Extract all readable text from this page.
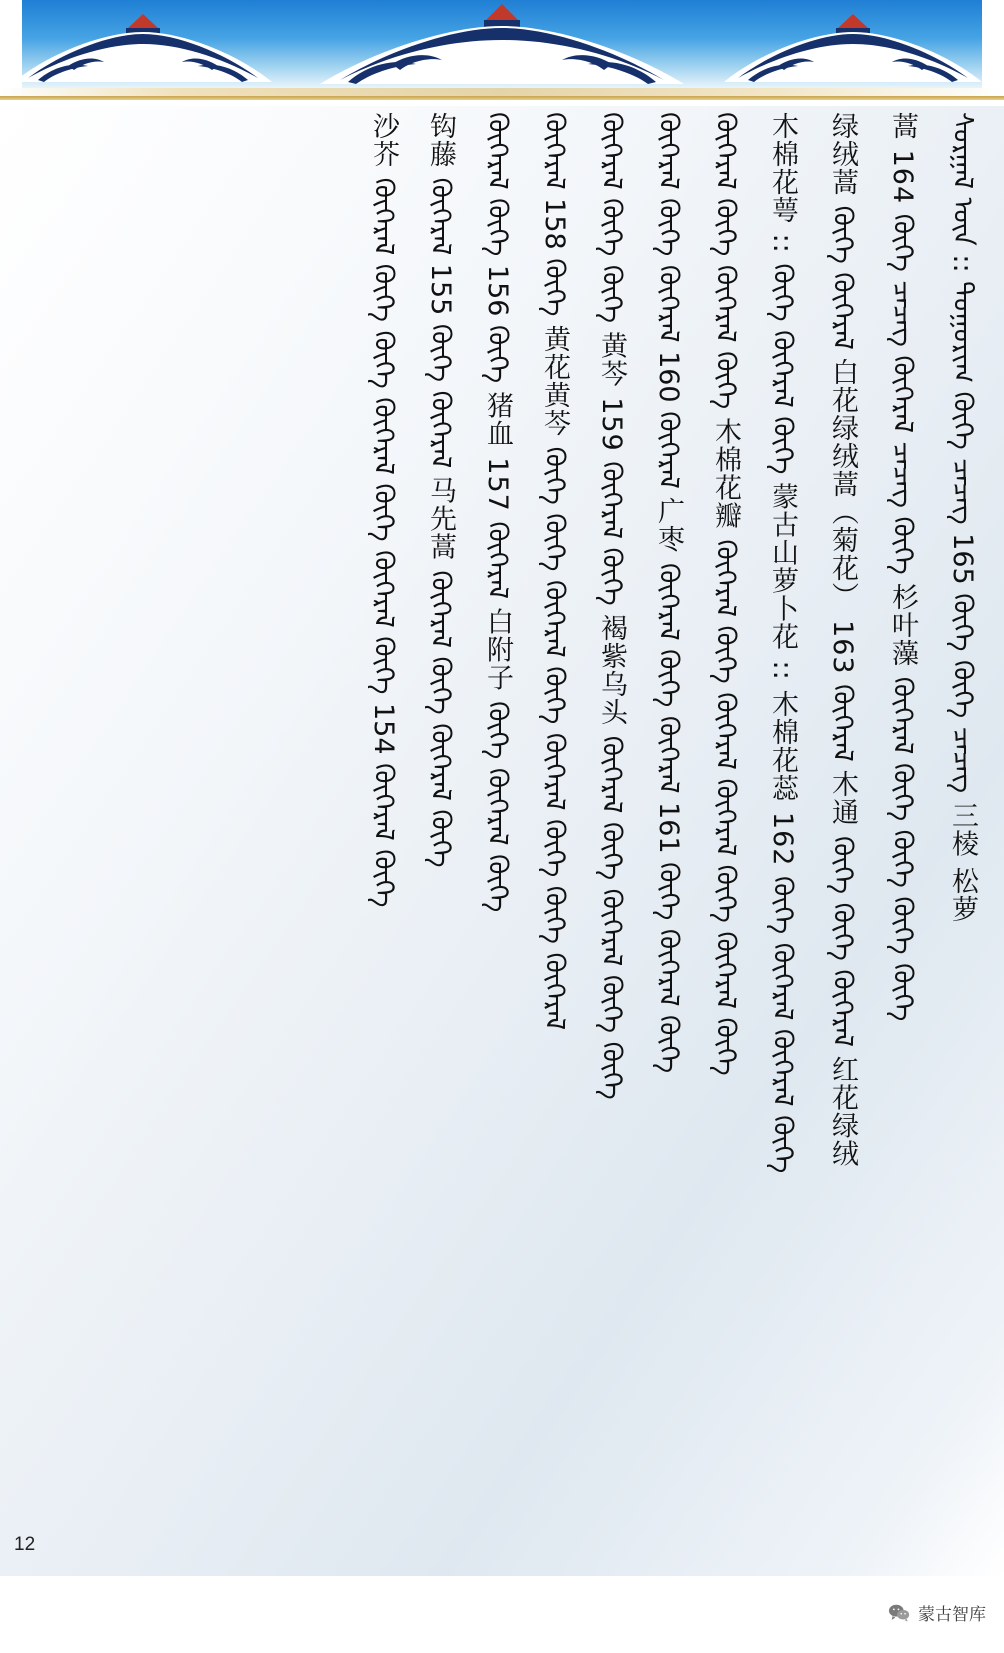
ᠰᠣᠷᠭᠠᠯ ᠦᠨ :: ᠲᠣᠭᠣᠷᠢᠭ ᠬᠥᠬᠡ ᠴᠡᠴᠡᠭ 165 ᠬᠥᠬᠡ ᠬᠥᠬᠡ ᠴᠡᠴᠡᠭ 三棱 松萝
蒿 164 ᠬᠥᠬᠡ ᠴᠡᠴᠡᠭ ᠬᠥᠬᠡᠷᠡᠯ ᠴᠡᠴᠡᠭ ᠬᠥᠬᠡ 杉叶藻 ᠬᠥᠬᠡᠷᠡᠯ ᠬᠥᠬᠡ ᠬᠥᠬᠡ ᠬᠥᠬᠡ ᠬᠥᠬᠡ
绿绒蒿 ᠬᠥᠬᠡ ᠬᠥᠬᠡᠷᠡᠯ 白花绿绒蒿（菊花） 163 ᠬᠥᠬᠡᠷᠡᠯ 木通 ᠬᠥᠬᠡ ᠬᠥᠬᠡ ᠬᠥᠬᠡᠷᠡᠯ 红花绿绒
木棉花萼 :: ᠬᠥᠬᠡ ᠬᠥᠬᠡᠷᠡᠯ ᠬᠥᠬᠡ 蒙古山萝卜花 :: 木棉花蕊 162 ᠬᠥᠬᠡ ᠬᠥᠬᠡᠷᠡᠯ ᠬᠥᠬᠡᠷᠡᠯ ᠬᠥᠬᠡ
ᠬᠥᠬᠡᠷᠡᠯ ᠬᠥᠬᠡ ᠬᠥᠬᠡᠷᠡᠯ ᠬᠥᠬᠡ 木棉花瓣 ᠬᠥᠬᠡᠷᠡᠯ ᠬᠥᠬᠡ ᠬᠥᠬᠡᠷᠡᠯ ᠬᠥᠬᠡᠷᠡᠯ ᠬᠥᠬᠡ ᠬᠥᠬᠡᠷᠡᠯ ᠬᠥᠬᠡ
ᠬᠥᠬᠡᠷᠡᠯ ᠬᠥᠬᠡ ᠬᠥᠬᠡᠷᠡᠯ 160 ᠬᠥᠬᠡᠷᠡᠯ 广枣 ᠬᠥᠬᠡᠷᠡᠯ ᠬᠥᠬᠡ ᠬᠥᠬᠡᠷᠡᠯ 161 ᠬᠥᠬᠡ ᠬᠥᠬᠡᠷᠡᠯ ᠬᠥᠬᠡ
ᠬᠥᠬᠡᠷᠡᠯ ᠬᠥᠬᠡ ᠬᠥᠬᠡ 黄芩 159 ᠬᠥᠬᠡᠷᠡᠯ ᠬᠥᠬᠡ 褐紫乌头 ᠬᠥᠬᠡᠷᠡᠯ ᠬᠥᠬᠡ ᠬᠥᠬᠡᠷᠡᠯ ᠬᠥᠬᠡ ᠬᠥᠬᠡ
ᠬᠥᠬᠡᠷᠡᠯ 158 ᠬᠥᠬᠡ 黄花黄芩 ᠬᠥᠬᠡ ᠬᠥᠬᠡ ᠬᠥᠬᠡᠷᠡᠯ ᠬᠥᠬᠡ ᠬᠥᠬᠡᠷᠡᠯ ᠬᠥᠬᠡ ᠬᠥᠬᠡ ᠬᠥᠬᠡᠷᠡᠯ
ᠬᠥᠬᠡᠷᠡᠯ ᠬᠥᠬᠡ 156 ᠬᠥᠬᠡ 猪血 157 ᠬᠥᠬᠡᠷᠡᠯ 白附子 ᠬᠥᠬᠡ ᠬᠥᠬᠡᠷᠡᠯ ᠬᠥᠬᠡ
钩藤 ᠬᠥᠬᠡᠷᠡᠯ 155 ᠬᠥᠬᠡ ᠬᠥᠬᠡᠷᠡᠯ 马先蒿 ᠬᠥᠬᠡᠷᠡᠯ ᠬᠥᠬᠡ ᠬᠥᠬᠡᠷᠡᠯ ᠬᠥᠬᠡ
沙芥 ᠬᠥᠬᠡᠷᠡᠯ ᠬᠥᠬᠡ ᠬᠥᠬᠡ ᠬᠥᠬᠡᠷᠡᠯ ᠬᠥᠬᠡ ᠬᠥᠬᠡᠷᠡᠯ ᠬᠥᠬᠡ 154 ᠬᠥᠬᠡᠷᠡᠯ ᠬᠥᠬᠡ
12
蒙古智库
